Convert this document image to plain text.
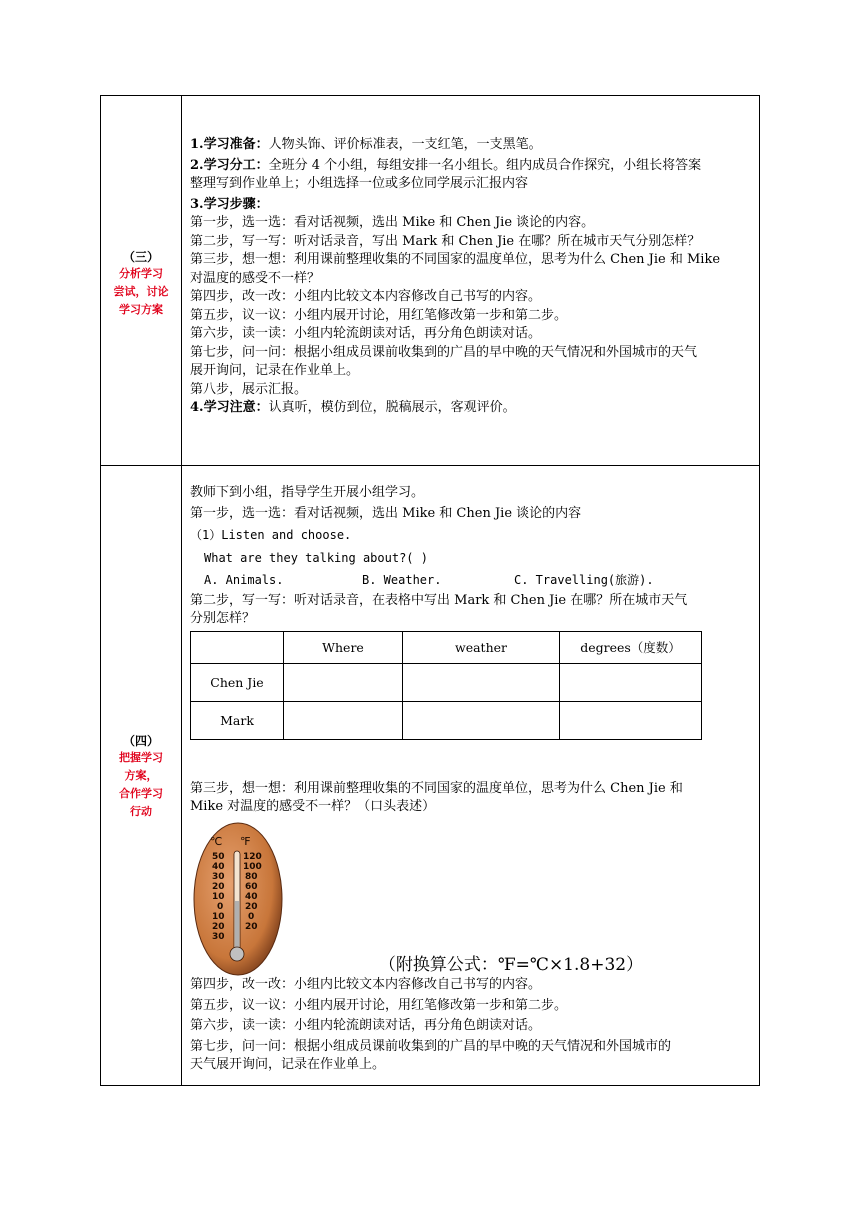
（三）
分析学习
尝试，讨论
学习方案

1.学习准备：人物头饰、评价标准表，一支红笔，一支黑笔。

2.学习分工：全班分 4 个小组，每组安排一名小组长。组内成员合作探究，小组长将答案

整理写到作业单上；小组选择一位或多位同学展示汇报内容

3.学习步骤：

第一步，选一选：看对话视频，选出 Mike 和 Chen Jie 谈论的内容。

第二步，写一写：听对话录音，写出 Mark 和 Chen Jie 在哪？所在城市天气分别怎样？

第三步，想一想：利用课前整理收集的不同国家的温度单位，思考为什么 Chen Jie 和 Mike

对温度的感受不一样？

第四步，改一改：小组内比较文本内容修改自己书写的内容。

第五步，议一议：小组内展开讨论，用红笔修改第一步和第二步。

第六步，读一读：小组内轮流朗读对话，再分角色朗读对话。

第七步，问一问：根据小组成员课前收集到的广昌的早中晚的天气情况和外国城市的天气

展开询问，记录在作业单上。

第八步，展示汇报。

4.学习注意：认真听，模仿到位，脱稿展示，客观评价。

（四）
把握学习
方案，
合作学习
行动

教师下到小组，指导学生开展小组学习。

第一步，选一选：看对话视频，选出 Mike 和 Chen Jie 谈论的内容

（1）Listen and choose.

What are they talking about?( )

A. Animals.	B. Weather.	C. Travelling(旅游).

第二步，写一写：听对话录音，在表格中写出 Mark 和 Chen Jie 在哪？所在城市天气

分别怎样？

	Where	weather	degrees（度数）
Chen Jie			
Mark			

第三步，想一想：利用课前整理收集的不同国家的温度单位，思考为什么 Chen Jie 和

Mike 对温度的感受不一样？（口头表述）

℃ ℉
50
40
30
20
10
0
10
20
30
120
100
80
60
40
20
0
20

（附换算公式：℉=℃×1.8+32）

第四步，改一改：小组内比较文本内容修改自己书写的内容。

第五步，议一议：小组内展开讨论，用红笔修改第一步和第二步。

第六步，读一读：小组内轮流朗读对话，再分角色朗读对话。

第七步，问一问：根据小组成员课前收集到的广昌的早中晚的天气情况和外国城市的

天气展开询问，记录在作业单上。
